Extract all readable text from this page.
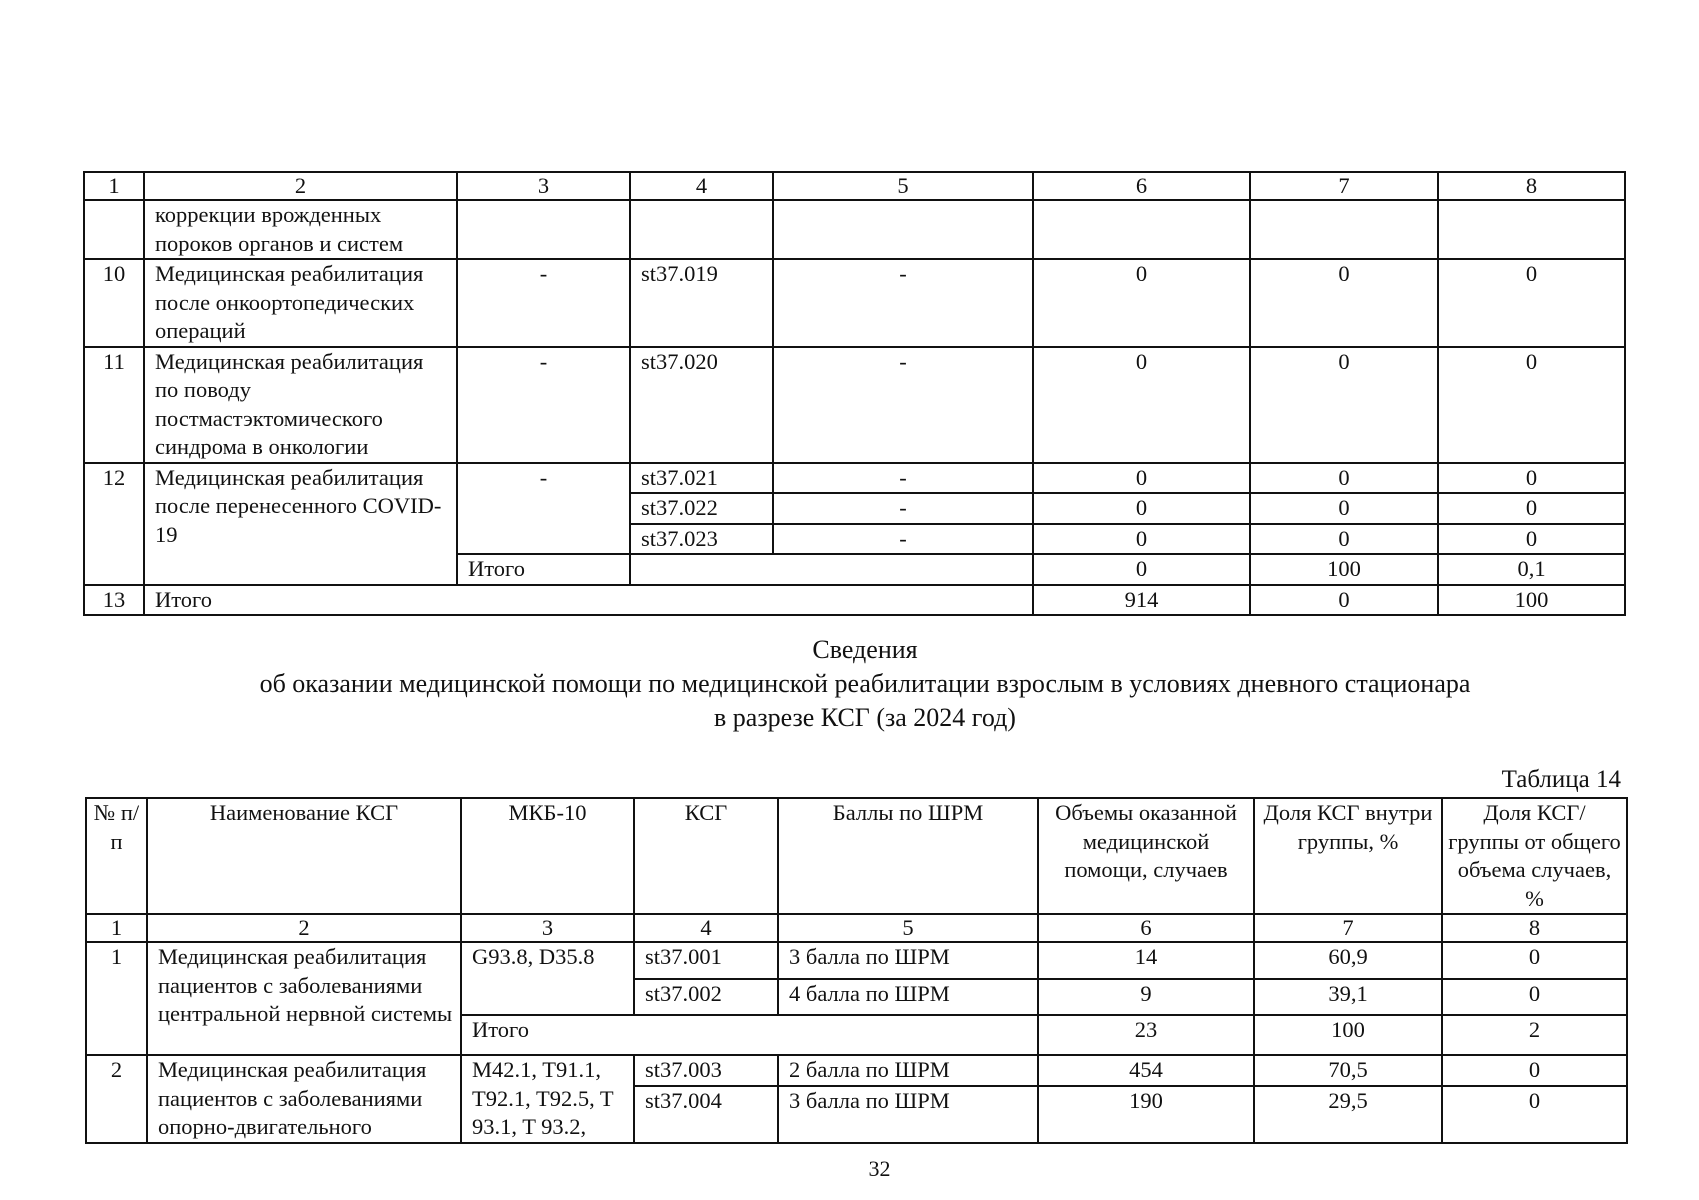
1	2	3	4	5	6	7	8
	коррекции врожденных пороков органов и систем						
10	Медицинская реабилитация после онкоортопедических операций	-	st37.019	-	0	0	0
11	Медицинская реабилитация по поводу постмастэктомического синдрома в онкологии	-	st37.020	-	0	0	0
12	Медицинская реабилитация после перенесенного COVID-19	-	st37.021	-	0	0	0
			st37.022	-	0	0	0
			st37.023	-	0	0	0
		Итого			0	100	0,1
13	Итого				914	0	100
Сведения
об оказании медицинской помощи по медицинской реабилитации взрослым в условиях дневного стационара
в разрезе КСГ (за 2024 год)
Таблица 14
№ п/п	Наименование КСГ	МКБ-10	КСГ	Баллы по ШРМ	Объемы оказанной медицинской помощи, случаев	Доля КСГ внутри группы, %	Доля КСГ/ группы от общего объема случаев, %
1	2	3	4	5	6	7	8
1	Медицинская реабилитация пациентов с заболеваниями центральной нервной системы	G93.8, D35.8	st37.001	3 балла по ШРМ	14	60,9	0
			st37.002	4 балла по ШРМ	9	39,1	0
		Итого			23	100	2
2	Медицинская реабилитация пациентов с заболеваниями опорно-двигательного	M42.1, T91.1, T92.1, T92.5, T 93.1, T 93.2,	st37.003	2 балла по ШРМ	454	70,5	0
			st37.004	3 балла по ШРМ	190	29,5	0
32
